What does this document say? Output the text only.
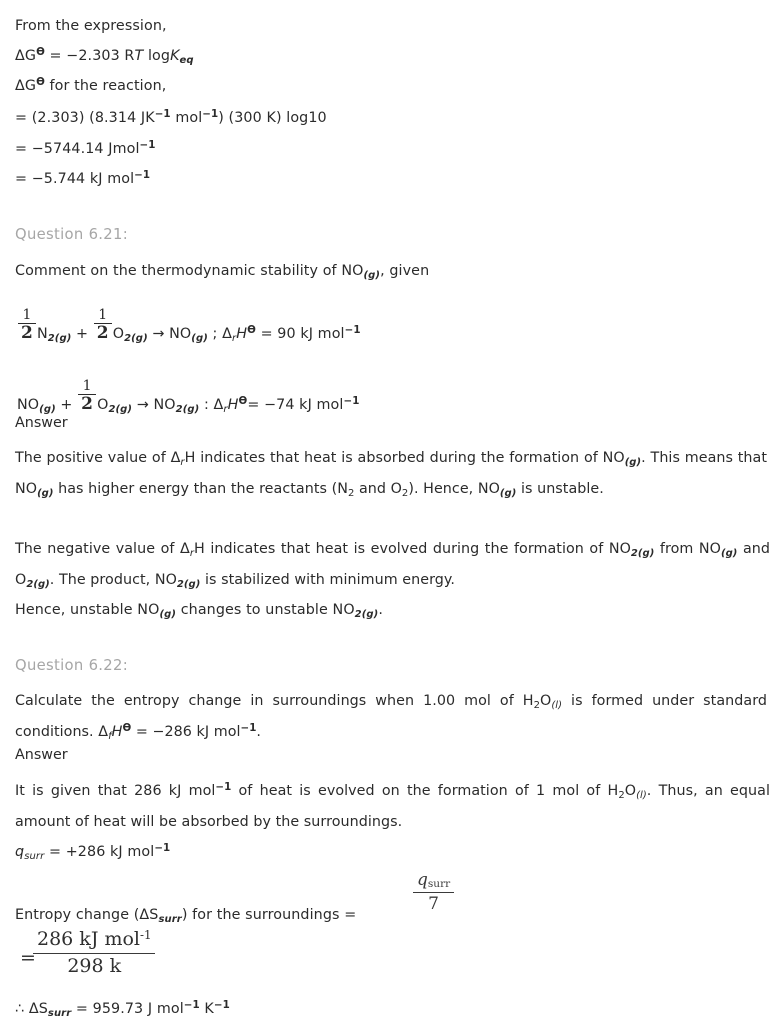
From the expression,
$\Delta G^ϴ = -2.303$ RT logK$_{eq}$
$\Delta G^ϴ$ for the reaction,
= (2.303) (8.314 $JK^{-1}$ mol$^{-1}$) (300 K) log10
= −5744.14 Jmol$^{-1}$
= −5.744 kJ mol$^{-1}$
Question 6.21:
Comment on the thermodynamic stability of $NO_{(g)}$, given
$\frac{1}{2} N_{2(g)} + \frac{1}{2} O_{2(g)} \to NO_{(g)}$ ; $\Delta_rH^ϴ = 90$ kJ mol$^{-1}$
$NO_{(g)} + \frac{1}{2} O_{2(g)} \to NO_{2(g)}$ : $\Delta_rH^ϴ= -74$ kJ mol$^{-1}$
Answer
The positive value of $\Delta_rH$ indicates that heat is absorbed during the formation of $NO_{(g)}$. This means that $NO_{(g)}$ has higher energy than the reactants ($N_2$ and $O_2$). Hence, $NO_{(g)}$ is unstable.
The negative value of $\Delta_rH$ indicates that heat is evolved during the formation of $NO_{2(g)}$ from $NO_{(g)}$ and $O_{2(g)}$. The product, $NO_{2(g)}$ is stabilized with minimum energy.
Hence, unstable $NO_{(g)}$ changes to unstable $NO_{2(g)}$.
Question 6.22:
Calculate the entropy change in surroundings when 1.00 mol of $H_2O_{(l)}$ is formed under standard conditions. $\Delta_fH^ϴ = -286$ kJ mol$^{-1}$.
Answer
It is given that 286 kJ mol$^{-1}$ of heat is evolved on the formation of 1 mol of $H_2O_{(l)}$. Thus, an equal amount of heat will be absorbed by the surroundings.
$q_{surr} = +286$ kJ mol$^{-1}$
Entropy change $(\Delta S_{surr})$ for the surroundings =
$q_{surr}$
7
=
286 kJ mol$^{-1}$
298 k
∴ $\Delta S_{surr} = 959.73$ J mol$^{-1}$ $K^{-1}$
